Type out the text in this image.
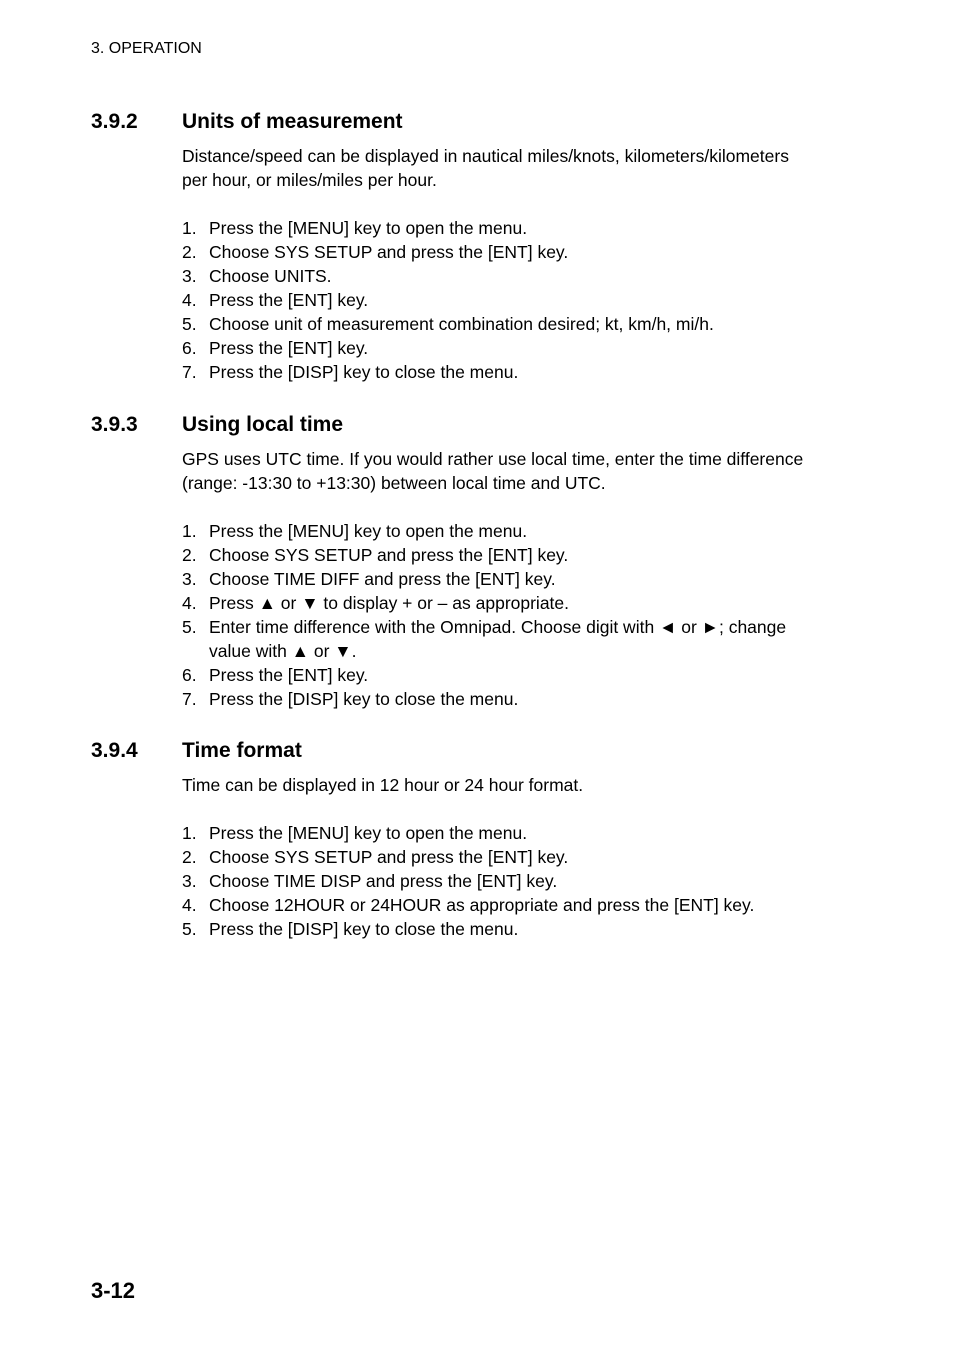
3. OPERATION
3.9.2	Units of measurement

Distance/speed can be displayed in nautical miles/knots, kilometers/kilometers
per hour, or miles/miles per hour.

1. Press the [MENU] key to open the menu.
2. Choose SYS SETUP and press the [ENT] key.
3. Choose UNITS.
4. Press the [ENT] key.
5. Choose unit of measurement combination desired; kt, km/h, mi/h.
6. Press the [ENT] key.
7. Press the [DISP] key to close the menu.
3.9.3	Using local time

GPS uses UTC time. If you would rather use local time, enter the time difference
(range: -13:30 to +13:30) between local time and UTC.

1. Press the [MENU] key to open the menu.
2. Choose SYS SETUP and press the [ENT] key.
3. Choose TIME DIFF and press the [ENT] key.
4. Press ▲ or ▼ to display + or – as appropriate.
5. Enter time difference with the Omnipad. Choose digit with ◄ or ►; change
value with ▲ or ▼.
6. Press the [ENT] key.
7. Press the [DISP] key to close the menu.
3.9.4	Time format

Time can be displayed in 12 hour or 24 hour format.

1. Press the [MENU] key to open the menu.
2. Choose SYS SETUP and press the [ENT] key.
3. Choose TIME DISP and press the [ENT] key.
4. Choose 12HOUR or 24HOUR as appropriate and press the [ENT] key.
5. Press the [DISP] key to close the menu.
3-12
